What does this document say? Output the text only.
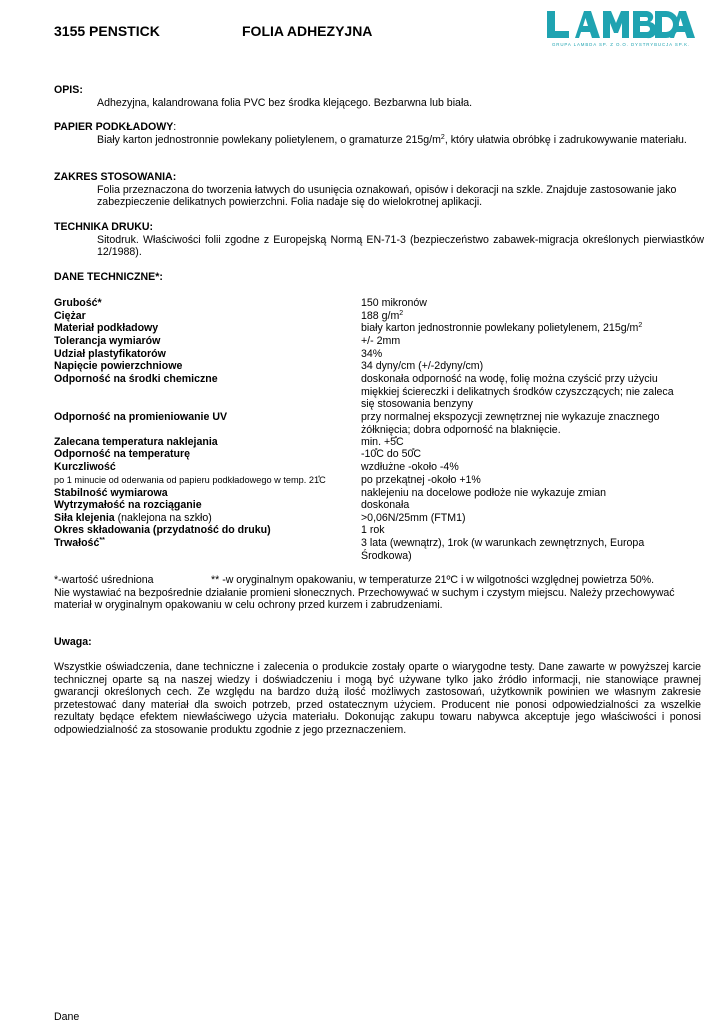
3155 PENSTICK	FOLIA ADHEZYJNA
GRUPA LAMBDA SP. Z O.O. DYSTRYBUCJA SP.K.
OPIS:
Adhezyjna, kalandrowana folia PVC bez środka klejącego. Bezbarwna lub biała.
PAPIER PODKŁADOWY:
Biały karton jednostronnie powlekany polietylenem, o gramaturze $215g/m^2$, który ułatwia obróbkę i zadrukowywanie materiału.
ZAKRES STOSOWANIA:
Folia przeznaczona do tworzenia łatwych do usunięcia oznakowań, opisów i dekoracji na szkle. Znajduje zastosowanie jako zabezpieczenie delikatnych powierzchni. Folia nadaje się do wielokrotnej aplikacji.
TECHNIKA DRUKU:
Sitodruk. Właściwości folii zgodne z Europejską Normą EN-71-3 (bezpieczeństwo zabawek-migracja określonych pierwiastków 12/1988).
DANE TECHNICZNE*:
Grubość*	150 mikronów
Ciężar	188 $g/m^2$
Materiał podkładowy	biały karton jednostronnie powlekany polietylenem, $215g/m^2$
Tolerancja wymiarów	+/- 2mm
Udział plastyfikatorów	34%
Napięcie powierzchniowe	34 dyny/cm (+/-2dyny/cm)
Odporność na środki chemiczne	doskonała odporność na wodę, folię można czyścić przy użyciu miękkiej ściereczki i delikatnych środków czyszczących; nie zaleca się stosowania benzyny
Odporność na promieniowanie UV	przy normalnej ekspozycji zewnętrznej nie wykazuje znacznego żółknięcia; dobra odporność na blaknięcie.
Zalecana temperatura naklejania	min. +5̊C
Odporność na temperaturę	-10̊C do 50̊C
Kurczliwość	wzdłużne -około -4%
po 1 minucie od oderwania od papieru podkładowego w temp. 21̊C	po przekątnej -około +1%
Stabilność wymiarowa	naklejeniu na docelowe podłoże nie wykazuje zmian
Wytrzymałość na rozciąganie	doskonała
Siła klejenia (naklejona na szkło)	>0,06N/25mm (FTM1)
Okres składowania (przydatność do druku)	1 rok
Trwałość**	3 lata (wewnątrz), 1rok (w warunkach zewnętrznych, Europa Środkowa)
*-wartość uśredniona	** -w oryginalnym opakowaniu, w temperaturze 21ºC i w wilgotności względnej powietrza 50%.
Nie wystawiać na bezpośrednie działanie promieni słonecznych. Przechowywać w suchym i czystym miejscu. Należy przechowywać materiał w oryginalnym opakowaniu w celu ochrony przed kurzem i zabrudzeniami.
Uwaga:
Wszystkie oświadczenia, dane techniczne i zalecenia o produkcie zostały oparte o wiarygodne testy. Dane zawarte w powyższej karcie technicznej oparte są na naszej wiedzy i doświadczeniu i mogą być używane tylko jako źródło informacji, nie stanowiące prawnej gwarancji określonych cech. Ze względu na bardzo dużą ilość możliwych zastosowań, użytkownik powinien we własnym zakresie przetestować dany materiał dla swoich potrzeb, przed ostatecznym użyciem. Producent nie ponosi odpowiedzialności za wszelkie rezultaty będące efektem niewłaściwego użycia materiału. Dokonując zakupu towaru nabywca akceptuje jego właściwości i ponosi odpowiedzialność za stosowanie produktu zgodnie z jego przeznaczeniem.
Dane
